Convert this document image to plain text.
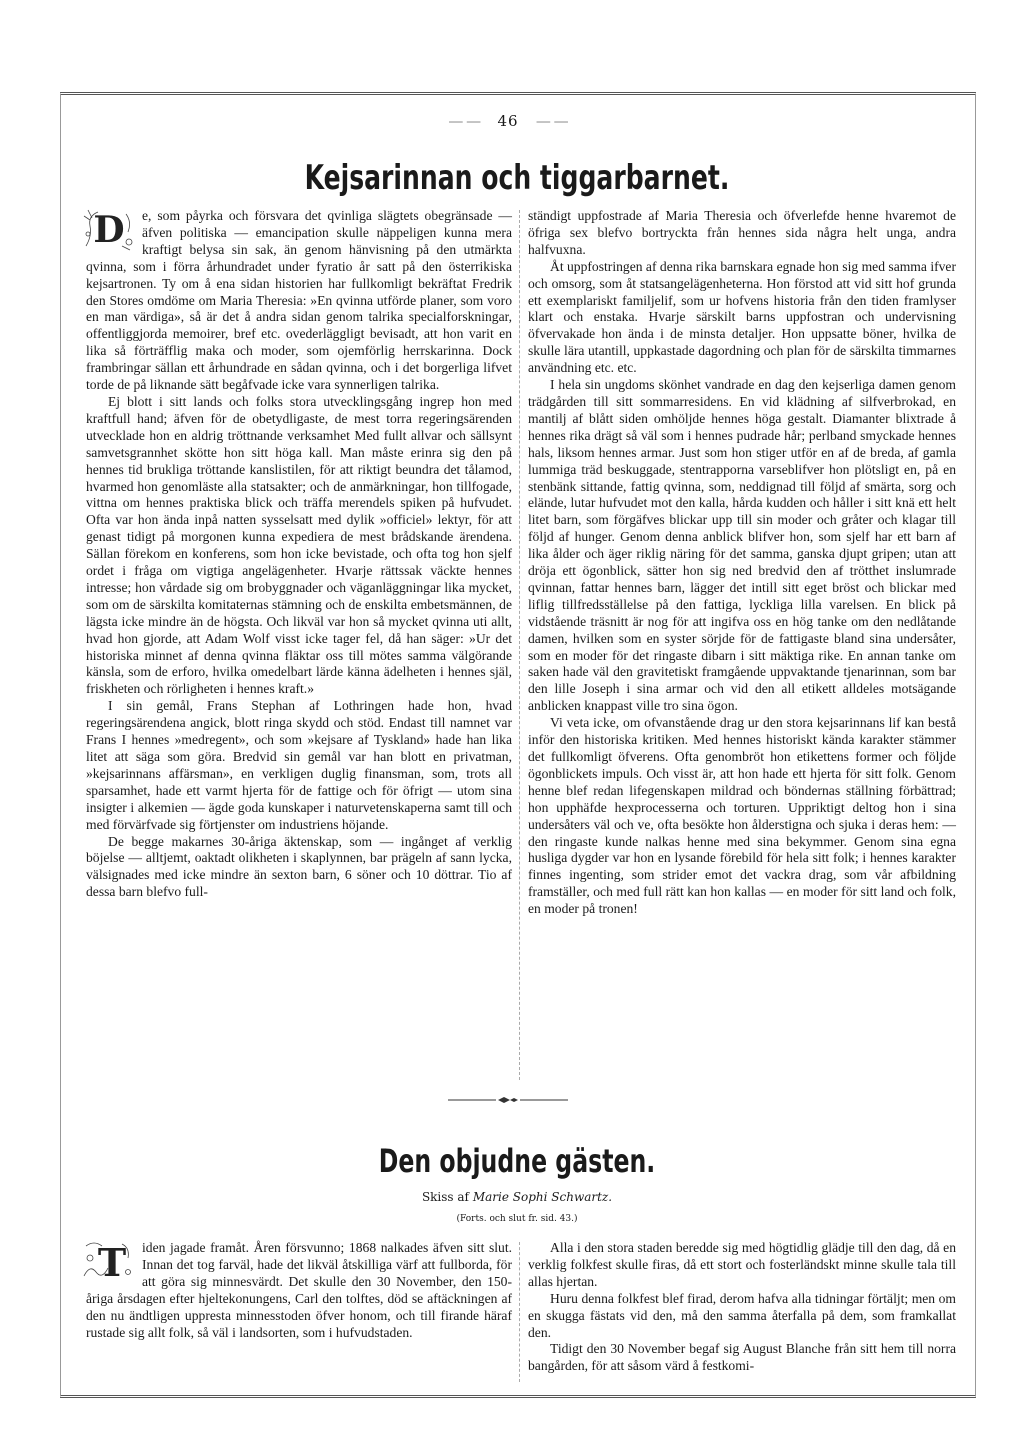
— — 46 — —
Kejsarinnan och tiggarbarnet.

D e, som påyrka och försvara det qvinliga slägtets obegränsade — äfven politiska — emancipation skulle näppeligen kunna mera kraftigt belysa sin sak, än genom hänvisning på den utmärkta qvinna, som i förra århundradet under fyratio år satt på den österrikiska kejsartronen. Ty om å ena sidan historien har fullkomligt bekräftat Fredrik den Stores omdöme om Maria Theresia: »En qvinna utförde planer, som voro en man värdiga», så är det å andra sidan genom talrika specialforskningar, offentliggjorda memoirer, bref etc. ovederläggligt bevisadt, att hon varit en lika så förträfflig maka och moder, som ojemförlig herrskarinna. Dock frambringar sällan ett århundrade en sådan qvinna, och i det borgerliga lifvet torde de på liknande sätt begåfvade icke vara synnerligen talrika.

Ej blott i sitt lands och folks stora utvecklingsgång ingrep hon med kraftfull hand; äfven för de obetydligaste, de mest torra regeringsärenden utvecklade hon en aldrig tröttnande verksamhet Med fullt allvar och sällsynt samvetsgrannhet skötte hon sitt höga kall. Man måste erinra sig den på hennes tid brukliga tröttande kanslistilen, för att riktigt beundra det tålamod, hvarmed hon genomläste alla statsakter; och de anmärkningar, hon tillfogade, vittna om hennes praktiska blick och träffa merendels spiken på hufvudet. Ofta var hon ända inpå natten sysselsatt med dylik »officiel» lektyr, för att genast tidigt på morgonen kunna expediera de mest brådskande ärendena. Sällan förekom en konferens, som hon icke bevistade, och ofta tog hon sjelf ordet i fråga om vigtiga angelägenheter. Hvarje rättssak väckte hennes intresse; hon vårdade sig om brobyggnader och väganläggningar lika mycket, som om de särskilta komitaternas stämning och de enskilta embetsmännen, de lägsta icke mindre än de högsta. Och likväl var hon så mycket qvinna uti allt, hvad hon gjorde, att Adam Wolf visst icke tager fel, då han säger: »Ur det historiska minnet af denna qvinna fläktar oss till mötes samma välgörande känsla, som de erforo, hvilka omedelbart lärde känna ädelheten i hennes själ, friskheten och rörligheten i hennes kraft.»

I sin gemål, Frans Stephan af Lothringen hade hon, hvad regeringsärendena angick, blott ringa skydd och stöd. Endast till namnet var Frans I hennes »medregent», och som »kejsare af Tyskland» hade han lika litet att säga som göra. Bredvid sin gemål var han blott en privatman, »kejsarinnans affärsman», en verkligen duglig finansman, som, trots all sparsamhet, hade ett varmt hjerta för de fattige och för öfrigt — utom sina insigter i alkemien — ägde goda kunskaper i naturvetenskaperna samt till och med förvärfvade sig förtjenster om industriens höjande.

De begge makarnes 30-åriga äktenskap, som — ingånget af verklig böjelse — alltjemt, oaktadt olikheten i skaplynnen, bar prägeln af sann lycka, välsignades med icke mindre än sexton barn, 6 söner och 10 döttrar. Tio af dessa barn blefvo full-

ständigt uppfostrade af Maria Theresia och öfverlefde henne hvaremot de öfriga sex blefvo bortryckta från hennes sida några helt unga, andra halfvuxna.

Åt uppfostringen af denna rika barnskara egnade hon sig med samma ifver och omsorg, som åt statsangelägenheterna. Hon förstod att vid sitt hof grunda ett exemplariskt familjelif, som ur hofvens historia från den tiden framlyser klart och enstaka. Hvarje särskilt barns uppfostran och undervisning öfvervakade hon ända i de minsta detaljer. Hon uppsatte böner, hvilka de skulle lära utantill, uppkastade dagordning och plan för de särskilta timmarnes användning etc. etc.

I hela sin ungdoms skönhet vandrade en dag den kejserliga damen genom trädgården till sitt sommarresidens. En vid klädning af silfverbrokad, en mantilj af blått siden omhöljde hennes höga gestalt. Diamanter blixtrade å hennes rika drägt så väl som i hennes pudrade hår; perlband smyckade hennes hals, liksom hennes armar. Just som hon stiger utför en af de breda, af gamla lummiga träd beskuggade, stentrapporna varseblifver hon plötsligt en, på en stenbänk sittande, fattig qvinna, som, neddignad till följd af smärta, sorg och elände, lutar hufvudet mot den kalla, hårda kudden och håller i sitt knä ett helt litet barn, som förgäfves blickar upp till sin moder och gråter och klagar till följd af hunger. Genom denna anblick blifver hon, som sjelf har ett barn af lika ålder och äger riklig näring för det samma, ganska djupt gripen; utan att dröja ett ögonblick, sätter hon sig ned bredvid den af trötthet inslumrade qvinnan, fattar hennes barn, lägger det intill sitt eget bröst och blickar med liflig tillfredsställelse på den fattiga, lyckliga lilla varelsen. En blick på vidstående träsnitt är nog för att ingifva oss en hög tanke om den nedlåtande damen, hvilken som en syster sörjde för de fattigaste bland sina undersåter, som en moder för det ringaste dibarn i sitt mäktiga rike. En annan tanke om saken hade väl den gravitetiskt framgående uppvaktande tjenarinnan, som bar den lille Joseph i sina armar och vid den all etikett alldeles motsägande anblicken knappast ville tro sina ögon.

Vi veta icke, om ofvanstående drag ur den stora kejsarinnans lif kan bestå inför den historiska kritiken. Med hennes historiskt kända karakter stämmer det fullkomligt öfverens. Ofta genombröt hon etikettens former och följde ögonblickets impuls. Och visst är, att hon hade ett hjerta för sitt folk. Genom henne blef redan lifegenskapen mildrad och böndernas ställning förbättrad; hon upphäfde hexprocesserna och torturen. Uppriktigt deltog hon i sina undersåters väl och ve, ofta besökte hon ålderstigna och sjuka i deras hem: — den ringaste kunde nalkas henne med sina bekymmer. Genom sina egna husliga dygder var hon en lysande förebild för hela sitt folk; i hennes karakter finnes ingenting, som strider emot det vackra drag, som vår afbildning framställer, och med full rätt kan hon kallas — en moder för sitt land och folk, en moder på tronen!

Den objudne gästen.
Skiss af Marie Sophi Schwartz.
(Forts. och slut fr. sid. 43.)

T iden jagade framåt. Åren försvunno; 1868 nalkades äfven sitt slut. Innan det tog farväl, hade det likväl åtskilliga värf att fullborda, för att göra sig minnesvärdt. Det skulle den 30 November, den 150-åriga årsdagen efter hjeltekonungens, Carl den tolftes, död se aftäckningen af den nu ändtligen uppresta minnesstoden öfver honom, och till firande häraf rustade sig allt folk, så väl i landsorten, som i hufvudstaden.

Alla i den stora staden beredde sig med högtidlig glädje till den dag, då en verklig folkfest skulle firas, då ett stort och fosterländskt minne skulle tala till allas hjertan.

Huru denna folkfest blef firad, derom hafva alla tidningar förtäljt; men om en skugga fästats vid den, må den samma återfalla på dem, som framkallat den.

Tidigt den 30 November begaf sig August Blanche från sitt hem till norra bangården, för att såsom värd å festkomi-
